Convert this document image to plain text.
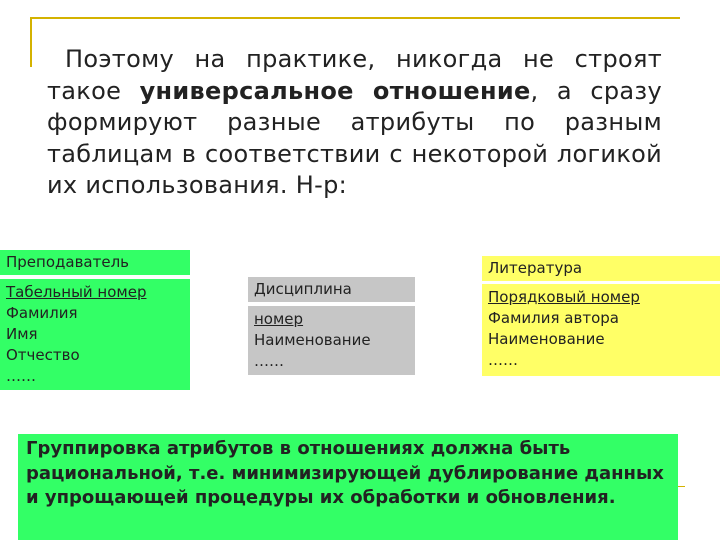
Поэтому на практике, никогда не строят такое универсальное отношение, а сразу формируют разные атрибуты по разным таблицам в соответствии с некоторой логикой их использования. Н-р:
Преподаватель
Табельный номер
Фамилия
Имя
Отчество
……
Дисциплина
номер
Наименование
……
Литература
Порядковый номер
Фамилия автора
Наименование
……
Группировка атрибутов в отношениях должна быть рациональной, т.е. минимизирующей дублирование данных и упрощающей процедуры их обработки и обновления.
